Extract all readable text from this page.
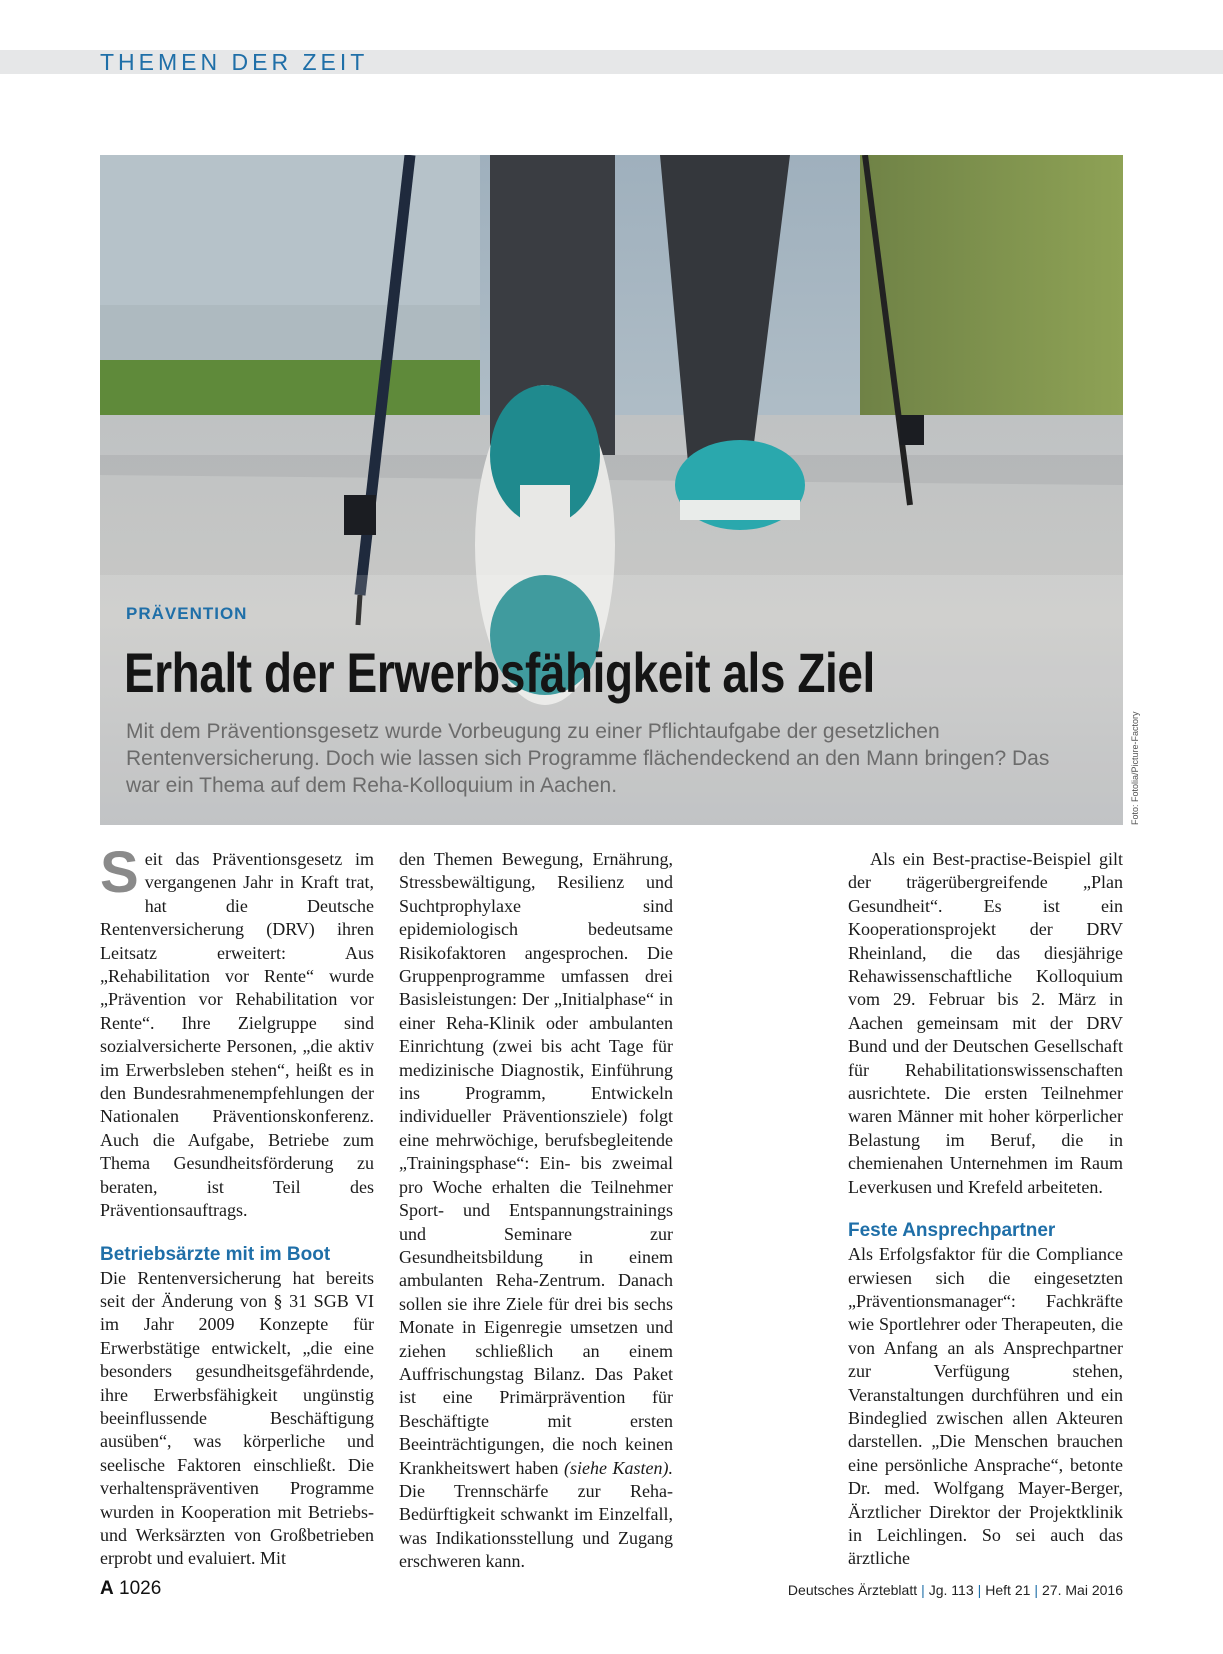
THEMEN DER ZEIT
PRÄVENTION
Erhalt der Erwerbsfähigkeit als Ziel
Mit dem Präventionsgesetz wurde Vorbeugung zu einer Pflichtaufgabe der gesetzlichen Rentenversicherung. Doch wie lassen sich Programme flächendeckend an den Mann bringen? Das war ein Thema auf dem Reha-Kolloquium in Aachen.	Foto: Fotolia/Picture-Factory

Seit das Präventionsgesetz im vergangenen Jahr in Kraft trat, hat die Deutsche Rentenversicherung (DRV) ihren Leitsatz erweitert: Aus „Rehabilitation vor Rente“ wurde „Prävention vor Rehabilitation vor Rente“. Ihre Zielgruppe sind sozialversicherte Personen, „die aktiv im Erwerbsleben stehen“, heißt es in den Bundesrahmenempfehlungen der Nationalen Präventionskonferenz. Auch die Aufgabe, Betriebe zum Thema Gesundheitsförderung zu beraten, ist Teil des Präventionsauftrags.

Betriebsärzte mit im Boot

Die Rentenversicherung hat bereits seit der Änderung von § 31 SGB VI im Jahr 2009 Konzepte für Erwerbstätige entwickelt, „die eine besonders gesundheitsgefährdende, ihre Erwerbsfähigkeit ungünstig beeinflussende Beschäftigung ausüben“, was körperliche und seelische Faktoren einschließt. Die verhaltenspräventiven Programme wurden in Kooperation mit Betriebs- und Werksärzten von Großbetrieben erprobt und evaluiert. Mit

den Themen Bewegung, Ernährung, Stressbewältigung, Resilienz und Suchtprophylaxe sind epidemiologisch bedeutsame Risikofaktoren angesprochen. Die Gruppenprogramme umfassen drei Basisleistungen: Der „Initialphase“ in einer Reha-Klinik oder ambulanten Einrichtung (zwei bis acht Tage für medizinische Diagnostik, Einführung ins Programm, Entwickeln individueller Präventionsziele) folgt eine mehrwöchige, berufsbegleitende „Trainingsphase“: Ein- bis zweimal pro Woche erhalten die Teilnehmer Sport- und Entspannungstrainings und Seminare zur Gesundheitsbildung in einem ambulanten Reha-Zentrum. Danach sollen sie ihre Ziele für drei bis sechs Monate in Eigenregie umsetzen und ziehen schließlich an einem Auffrischungstag Bilanz. Das Paket ist eine Primärprävention für Beschäftigte mit ersten Beeinträchtigungen, die noch keinen Krankheitswert haben (siehe Kasten). Die Trennschärfe zur Reha-Bedürftigkeit schwankt im Einzelfall, was Indikationsstellung und Zugang erschweren kann.

Als ein Best-practise-Beispiel gilt der trägerübergreifende „Plan Gesundheit“. Es ist ein Kooperationsprojekt der DRV Rheinland, die das diesjährige Rehawissenschaftliche Kolloquium vom 29. Februar bis 2. März in Aachen gemeinsam mit der DRV Bund und der Deutschen Gesellschaft für Rehabilitationswissenschaften ausrichtete. Die ersten Teilnehmer waren Männer mit hoher körperlicher Belastung im Beruf, die in chemienahen Unternehmen im Raum Leverkusen und Krefeld arbeiteten.

Feste Ansprechpartner

Als Erfolgsfaktor für die Compliance erwiesen sich die eingesetzten „Präventionsmanager“: Fachkräfte wie Sportlehrer oder Therapeuten, die von Anfang an als Ansprechpartner zur Verfügung stehen, Veranstaltungen durchführen und ein Bindeglied zwischen allen Akteuren darstellen. „Die Menschen brauchen eine persönliche Ansprache“, betonte Dr. med. Wolfgang Mayer-Berger, Ärztlicher Direktor der Projektklinik in Leichlingen. So sei auch das ärztliche

A 1026	Deutsches Ärzteblatt | Jg. 113 | Heft 21 | 27. Mai 2016
